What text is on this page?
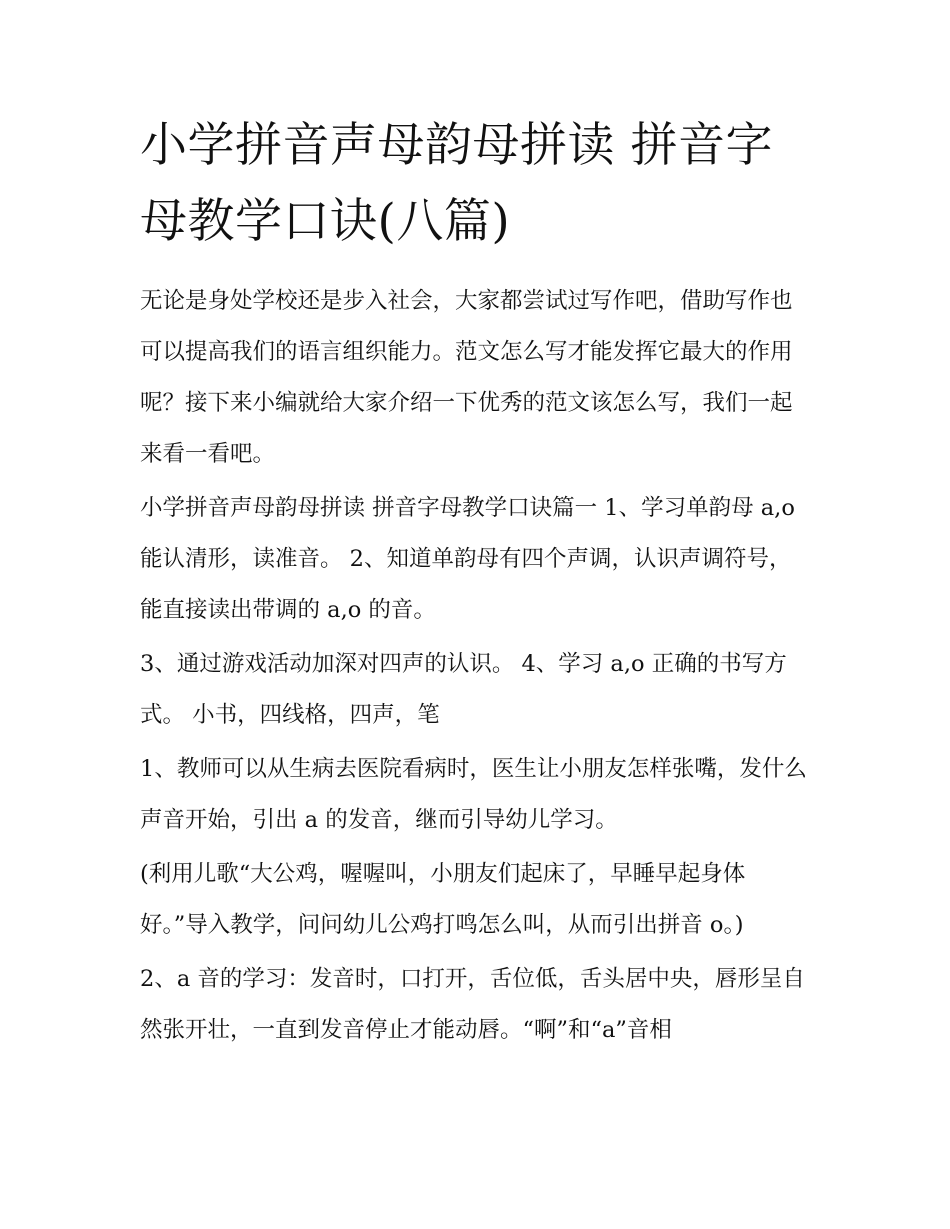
小学拼音声母韵母拼读 拼音字母教学口诀(八篇)

无论是身处学校还是步入社会，大家都尝试过写作吧，借助写作也可以提高我们的语言组织能力。范文怎么写才能发挥它最大的作用呢？接下来小编就给大家介绍一下优秀的范文该怎么写，我们一起来看一看吧。

小学拼音声母韵母拼读 拼音字母教学口诀篇一 1、学习单韵母 a,o 能认清形，读准音。 2、知道单韵母有四个声调，认识声调符号，能直接读出带调的 a,o 的音。

3、通过游戏活动加深对四声的认识。 4、学习 a,o 正确的书写方式。 小书，四线格，四声，笔

1、教师可以从生病去医院看病时，医生让小朋友怎样张嘴，发什么声音开始，引出 a 的发音，继而引导幼儿学习。

(利用儿歌“大公鸡，喔喔叫，小朋友们起床了，早睡早起身体好。”导入教学，问问幼儿公鸡打鸣怎么叫，从而引出拼音 o。)

2、a 音的学习：发音时，口打开，舌位低，舌头居中央，唇形呈自然张开壮，一直到发音停止才能动唇。“啊”和“a”音相
